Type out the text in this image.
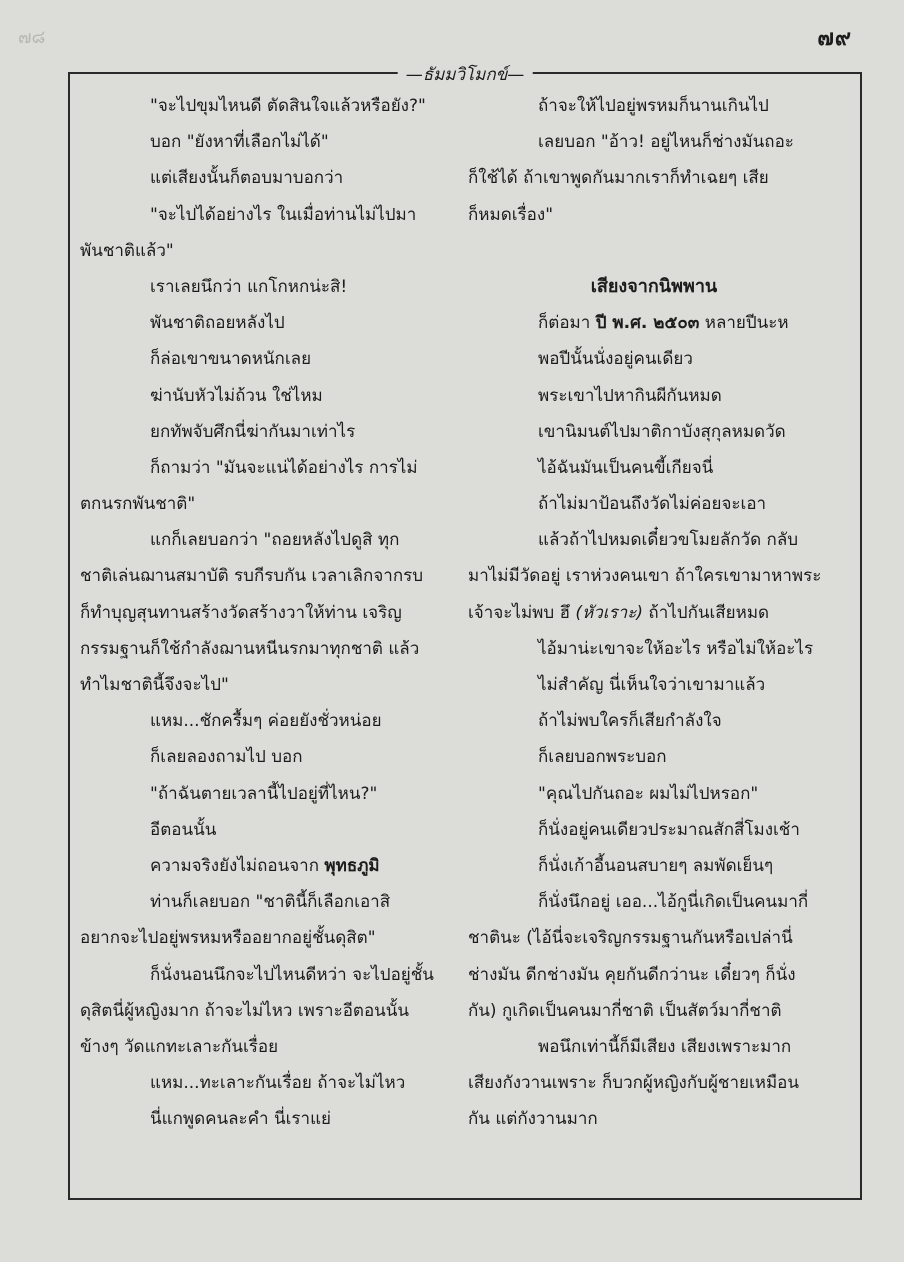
๗๘	๗๙
— ธัมมวิโมกข์ —
"จะไปขุมไหนดี ตัดสินใจแล้วหรือยัง?"
บอก "ยังหาที่เลือกไม่ได้"
แต่เสียงนั้นก็ตอบมาบอกว่า
"จะไปได้อย่างไร ในเมื่อท่านไม่ไปมา
พันชาติแล้ว"
เราเลยนึกว่า แกโกหกน่ะสิ!
พันชาติถอยหลังไป
ก็ล่อเขาขนาดหนักเลย
ฆ่านับหัวไม่ถ้วน ใช่ไหม
ยกทัพจับศึกนี่ฆ่ากันมาเท่าไร
ก็ถามว่า "มันจะแน่ได้อย่างไร การไม่
ตกนรกพันชาติ"
แกก็เลยบอกว่า "ถอยหลังไปดูสิ ทุก
ชาติเล่นฌานสมาบัติ รบกีรบกัน เวลาเลิกจากรบ
ก็ทำบุญสุนทานสร้างวัดสร้างวาให้ท่าน เจริญ
กรรมฐานก็ใช้กำลังฌานหนีนรกมาทุกชาติ แล้ว
ทำไมชาตินี้จึงจะไป"
แหม...ชักครื้มๆ ค่อยยังชั่วหน่อย
ก็เลยลองถามไป บอก
"ถ้าฉันตายเวลานี้ไปอยู่ที่ไหน?"
อีตอนนั้น
ความจริงยังไม่ถอนจาก พุทธภูมิ
ท่านก็เลยบอก "ชาตินี้ก็เลือกเอาสิ
อยากจะไปอยู่พรหมหรืออยากอยู่ชั้นดุสิต"
ก็นั่งนอนนึกจะไปไหนดีหว่า จะไปอยู่ชั้น
ดุสิตนี่ผู้หญิงมาก ถ้าจะไม่ไหว เพราะอีตอนนั้น
ข้างๆ วัดแกทะเลาะกันเรื่อย
แหม...ทะเลาะกันเรื่อย ถ้าจะไม่ไหว
นี่แกพูดคนละคำ นี่เราแย่
ถ้าจะให้ไปอยู่พรหมก็นานเกินไป
เลยบอก "อ้าว! อยู่ไหนก็ช่างมันถอะ
ก็ใช้ได้ ถ้าเขาพูดกันมากเราก็ทำเฉยๆ เสีย
ก็หมดเรื่อง"
เสียงจากนิพพาน
ก็ต่อมา ปี พ.ศ. ๒๕๐๓ หลายปีนะห
พอปีนั้นนั่งอยู่คนเดียว
พระเขาไปหากินผีกันหมด
เขานิมนต์ไปมาติกาบังสุกุลหมดวัด
ไอ้ฉันมันเป็นคนขี้เกียจนี่
ถ้าไม่มาป้อนถึงวัดไม่ค่อยจะเอา
แล้วถ้าไปหมดเดี๋ยวขโมยลักวัด กลับ
มาไม่มีวัดอยู่ เราห่วงคนเขา ถ้าใครเขามาหาพระ
เจ้าจะไม่พบ ฮึ (หัวเราะ) ถ้าไปกันเสียหมด
ไอ้มาน่ะเขาจะให้อะไร หรือไม่ให้อะไร
ไม่สำคัญ นี่เห็นใจว่าเขามาแล้ว
ถ้าไม่พบใครก็เสียกำลังใจ
ก็เลยบอกพระบอก
"คุณไปกันถอะ ผมไม่ไปหรอก"
ก็นั่งอยู่คนเดียวประมาณสักสี่โมงเช้า
ก็นั่งเก้าอี้นอนสบายๆ ลมพัดเย็นๆ
ก็นั่งนึกอยู่ เออ...ไอ้กูนี่เกิดเป็นคนมากี่
ชาตินะ (ไอ้นี่จะเจริญกรรมฐานกันหรือเปล่านี่
ช่างมัน ดีกช่างมัน คุยกันดีกว่านะ เดี๋ยวๆ ก็นั่ง
กัน) กูเกิดเป็นคนมากี่ชาติ เป็นสัตว์มากี่ชาติ
พอนึกเท่านี้ก็มีเสียง เสียงเพราะมาก
เสียงกังวานเพราะ ก็บวกผู้หญิงกับผู้ชายเหมือน
กัน แต่กังวานมาก
